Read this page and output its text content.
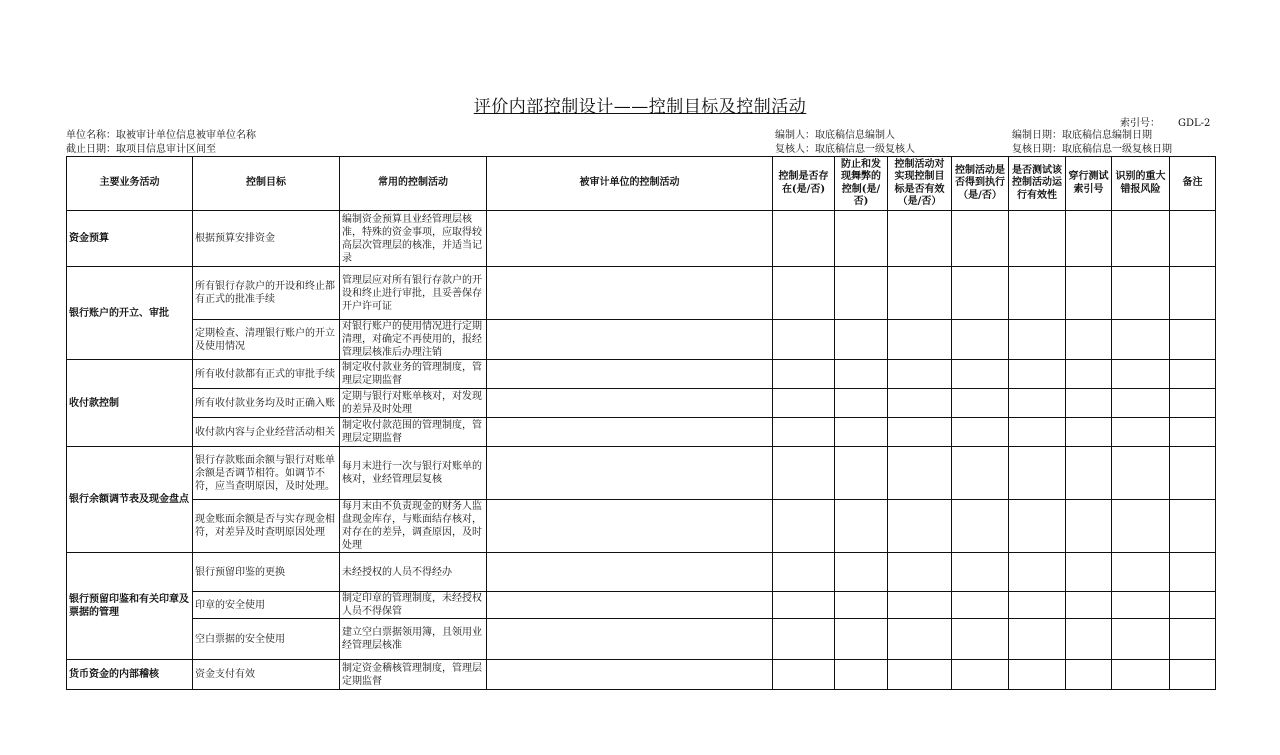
评价内部控制设计——控制目标及控制活动
索引号： GDL-2
单位名称：取被审计单位信息被审单位名称
截止日期：取项目信息审计区间至
编制人：取底稿信息编制人
复核人：取底稿信息一级复核人
编制日期：取底稿信息编制日期
复核日期：取底稿信息一级复核日期
主要业务活动	控制目标	常用的控制活动	被审计单位的控制活动	控制是否存在(是/否)	防止和发现舞弊的控制(是/否)	控制活动对实现控制目标是否有效（是/否）	控制活动是否得到执行（是/否）	是否测试该控制活动运行有效性	穿行测试索引号	识别的重大错报风险	备注
资金预算	根据预算安排资金	编制资金预算且业经管理层核准，特殊的资金事项，应取得较高层次管理层的核准，并适当记录									
银行账户的开立、审批	所有银行存款户的开设和终止都有正式的批准手续	管理层应对所有银行存款户的开设和终止进行审批，且妥善保存开户许可证									
	定期检查、清理银行账户的开立及使用情况	对银行账户的使用情况进行定期清理，对确定不再使用的，报经管理层核准后办理注销									
收付款控制	所有收付款都有正式的审批手续	制定收付款业务的管理制度，管理层定期监督									
	所有收付款业务均及时正确入账	定期与银行对账单核对，对发现的差异及时处理									
	收付款内容与企业经营活动相关	制定收付款范围的管理制度，管理层定期监督									
银行余额调节表及现金盘点	银行存款账面余额与银行对账单余额是否调节相符。如调节不符，应当查明原因，及时处理。	每月末进行一次与银行对账单的核对，业经管理层复核									
	现金账面余额是否与实存现金相符，对差异及时查明原因处理	每月末由不负责现金的财务人监盘现金库存，与账面结存核对，对存在的差异，调查原因，及时处理									
银行预留印鉴和有关印章及票据的管理	银行预留印鉴的更换	未经授权的人员不得经办									
	印章的安全使用	制定印章的管理制度，未经授权人员不得保管									
	空白票据的安全使用	建立空白票据领用簿，且领用业经管理层核准									
货币资金的内部稽核	资金支付有效	制定资金稽核管理制度，管理层定期监督									
